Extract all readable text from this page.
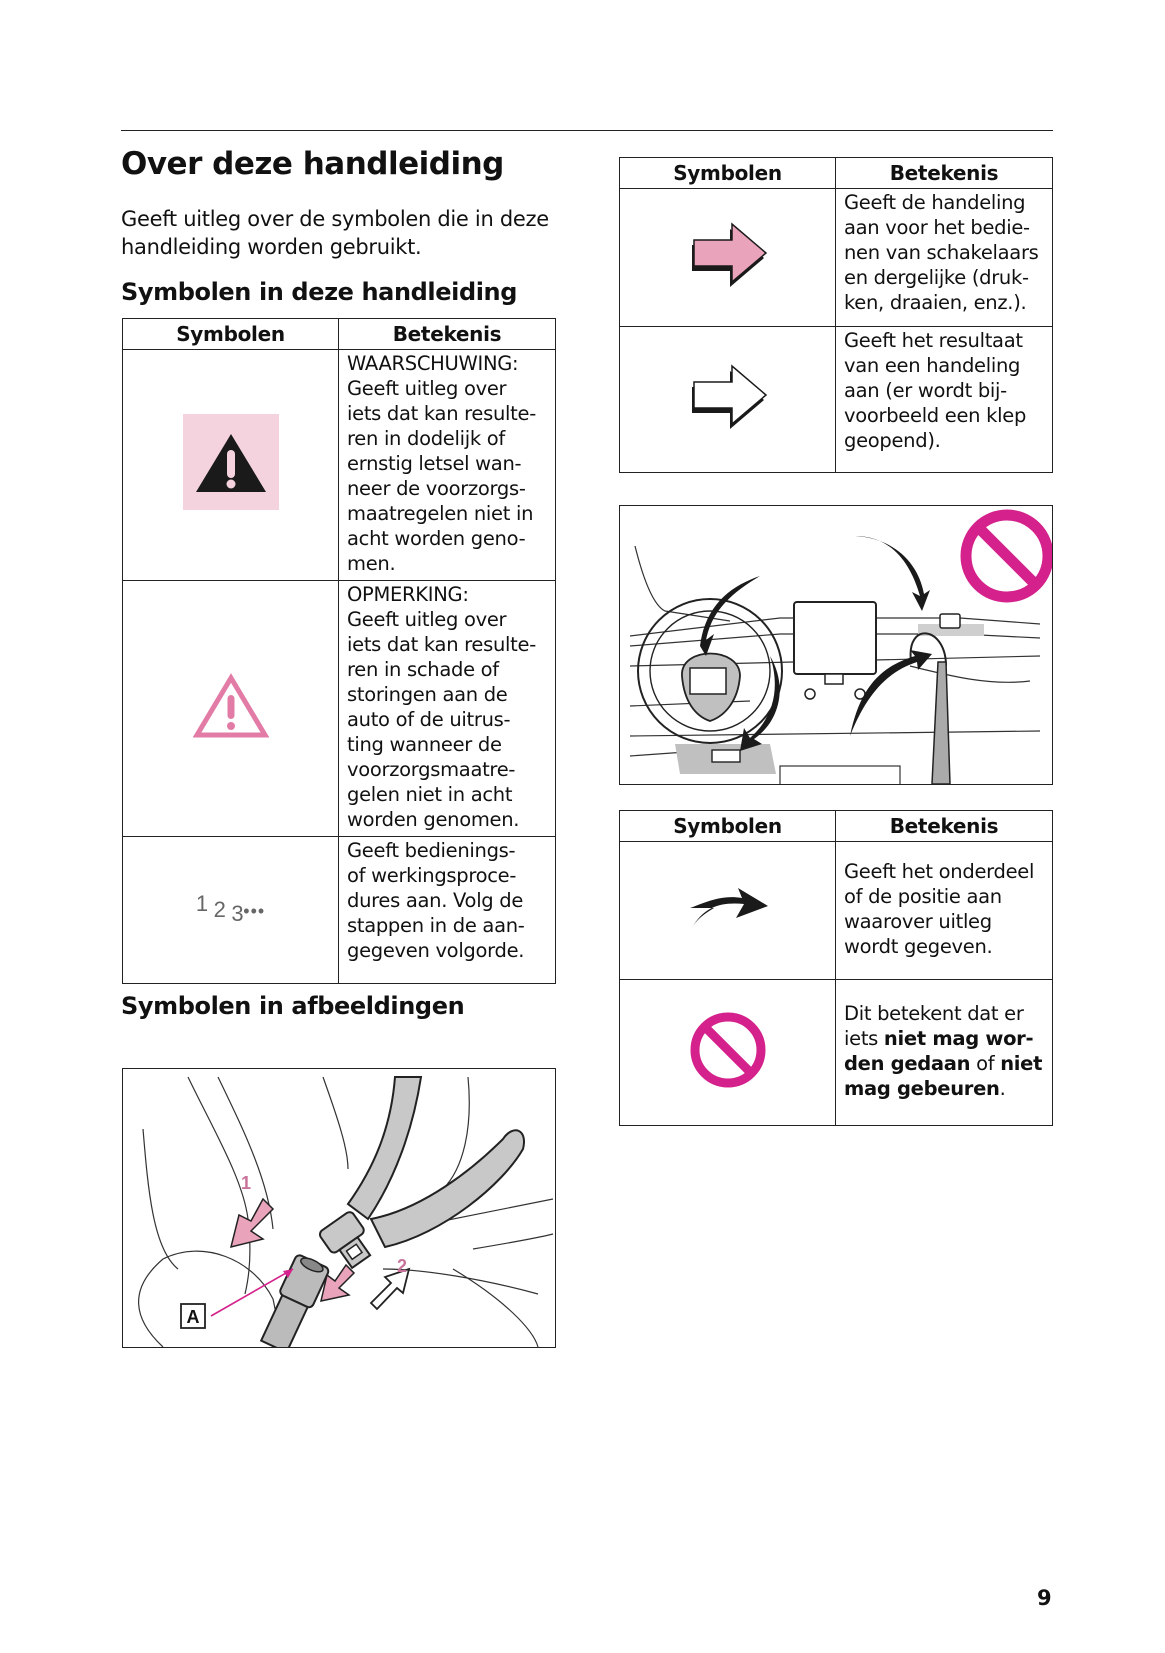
Over deze handleiding

Geeft uitleg over de symbolen die in deze handleiding worden gebruikt.

Symbolen in deze handleiding
Symbolen	Betekenis

WAARSCHUWING:
Geeft uitleg over
iets dat kan resulte-
ren in dodelijk of
ernstig letsel wan-
neer de voorzorgs-
maatregelen niet in
acht worden geno-
men.

OPMERKING:
Geeft uitleg over
iets dat kan resulte-
ren in schade of
storingen aan de
auto of de uitrus-
ting wanneer de
voorzorgsmaatre-
gelen niet in acht
worden genomen.

1 2 3•••	Geeft bedienings-
of werkingsproce-
dures aan. Volg de
stappen in de aan-
gegeven volgorde.
Symbolen in afbeeldingen
1
2
A
Symbolen	Betekenis

Geeft de handeling
aan voor het bedie-
nen van schakelaars
en dergelijke (druk-
ken, draaien, enz.).

Geeft het resultaat
van een handeling
aan (er wordt bij-
voorbeeld een klep
geopend).
Symbolen	Betekenis

Geeft het onderdeel
of de positie aan
waarover uitleg
wordt gegeven.

Dit betekent dat er
iets niet mag wor-
den gedaan of niet
mag gebeuren.
9
